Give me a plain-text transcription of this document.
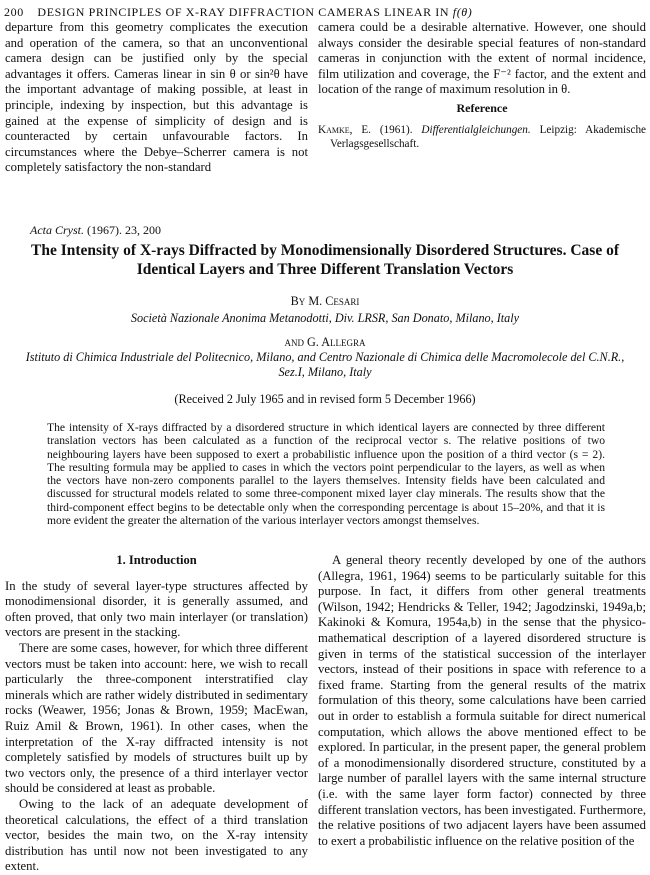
200 DESIGN PRINCIPLES OF X-RAY DIFFRACTION CAMERAS LINEAR IN f(θ)
departure from this geometry complicates the execution and operation of the camera, so that an unconventional camera design can be justified only by the special advantages it offers. Cameras linear in sin θ or sin²θ have the important advantage of making possible, at least in principle, indexing by inspection, but this advantage is gained at the expense of simplicity of design and is counteracted by certain unfavourable factors. In circumstances where the Debye–Scherrer camera is not completely satisfactory the non-standard
camera could be a desirable alternative. However, one should always consider the desirable special features of non-standard cameras in conjunction with the extent of normal incidence, film utilization and coverage, the F⁻² factor, and the extent and location of the range of maximum resolution in θ.
Reference
Kamke, E. (1961). Differentialgleichungen. Leipzig: Akademische Verlagsgesellschaft.
Acta Cryst. (1967). 23, 200
The Intensity of X-rays Diffracted by Monodimensionally Disordered Structures. Case of Identical Layers and Three Different Translation Vectors
By M. Cesari
Società Nazionale Anonima Metanodotti, Div. LRSR, San Donato, Milano, Italy
and G. Allegra
Istituto di Chimica Industriale del Politecnico, Milano, and Centro Nazionale di Chimica delle Macromolecole del C.N.R., Sez.I, Milano, Italy
(Received 2 July 1965 and in revised form 5 December 1966)
The intensity of X-rays diffracted by a disordered structure in which identical layers are connected by three different translation vectors has been calculated as a function of the reciprocal vector s. The relative positions of two neighbouring layers have been supposed to exert a probabilistic influence upon the position of a third vector (s = 2). The resulting formula may be applied to cases in which the vectors point perpendicular to the layers, as well as when the vectors have non-zero components parallel to the layers themselves. Intensity fields have been calculated and discussed for structural models related to some three-component mixed layer clay minerals. The results show that the third-component effect begins to be detectable only when the corresponding percentage is about 15–20%, and that it is more evident the greater the alternation of the various interlayer vectors amongst themselves.
1. Introduction

In the study of several layer-type structures affected by monodimensional disorder, it is generally assumed, and often proved, that only two main interlayer (or translation) vectors are present in the stacking.

There are some cases, however, for which three different vectors must be taken into account: here, we wish to recall particularly the three-component interstratified clay minerals which are rather widely distributed in sedimentary rocks (Weawer, 1956; Jonas & Brown, 1959; MacEwan, Ruiz Amil & Brown, 1961). In other cases, when the interpretation of the X-ray diffracted intensity is not completely satisfied by models of structures built up by two vectors only, the presence of a third interlayer vector should be considered at least as probable.

Owing to the lack of an adequate development of theoretical calculations, the effect of a third translation vector, besides the main two, on the X-ray intensity distribution has until now not been investigated to any extent.

A general theory recently developed by one of the authors (Allegra, 1961, 1964) seems to be particularly suitable for this purpose. In fact, it differs from other general treatments (Wilson, 1942; Hendricks & Teller, 1942; Jagodzinski, 1949a,b; Kakinoki & Komura, 1954a,b) in the sense that the physico-mathematical description of a layered disordered structure is given in terms of the statistical succession of the interlayer vectors, instead of their positions in space with reference to a fixed frame. Starting from the general results of the matrix formulation of this theory, some calculations have been carried out in order to establish a formula suitable for direct numerical computation, which allows the above mentioned effect to be explored. In particular, in the present paper, the general problem of a monodimensionally disordered structure, constituted by a large number of parallel layers with the same internal structure (i.e. with the same layer form factor) connected by three different translation vectors, has been investigated. Furthermore, the relative positions of two adjacent layers have been assumed to exert a probabilistic influence on the relative position of the
